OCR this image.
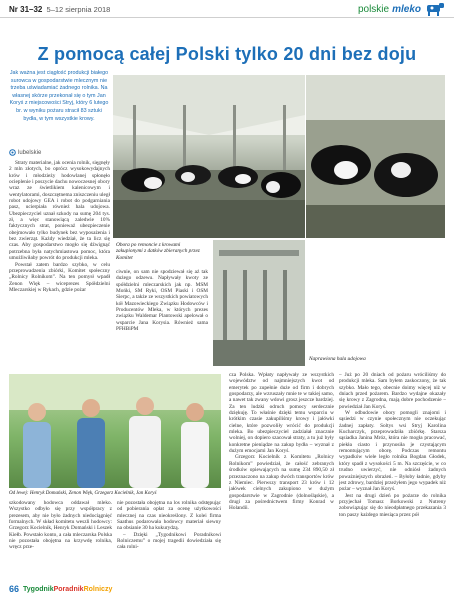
Nr 31–32 5–12 sierpnia 2018	polskie mleko
Z pomocą całej Polski tylko 20 dni bez doju
Jak ważna jest ciągłość produkcji białego surowca w gospodarstwie mlecznym nie trzeba uświadamiać żadnego rolnika. Na własnej skórze przekonał się o tym Jan Koryś z miejscowości Stryj, który 6 lutego br. w wyniku pożaru stracił 83 sztuki bydła, w tym wszystkie krowy.
lubelskie

Straty materialne, jak ocenia rolnik, sięgnęły 2 mln złotych, bo oprócz wysokowydajnych krów i młodzieży hodowlanej spłonęło ocieplenie i poszycie dachu nowoczesnej obory wraz ze świetlikiem kalenicowym i wentylatorami, doszczętnema zniszczeniu uległ robot udojowy GEA i robot do podgarniania pasz, ucierpiała również hala udojowa. Ubezpieczyciel uznał szkody na sumę 204 tys. zł, a więc stanowiącą zaledwie 10% faktycznych strat, ponieważ ubezpieczenie obejmowało tylko budynek bez wyposażenia i bez zwierząt. Każdy wiedział, że ta licz się czas. Aby gospodarstwo mogło się dźwignąć potrzebna była natychmiastowa pomoc, która umożliwiłaby powrót do produkcji mleka.

Powstał zatem bardzo szybko, w celu przeprowadzenia zbiórki, Komitet społeczny „Rolnicy Rolnikom”. Na ten pomysł wpadł Zenon Więk – wiceprezes Spółdzielni Mleczarskiej w Rykach, gdzie pożar

Obora po remoncie z krowami zakupionymi z datków zbieranych przez Komitet

ciwnie, on sam nie spodziewał się aż tak dużego odzewu. Napływały kwoty ze spółdzielni mleczarskich jak np. MSM Mońki, SM Ryki, OSM Piaski i OSM Sierpc, a także ze wszystkich powiatowych kół Mazowieckiego Związku Hodowców i Producentów Mleka, w których prezes związku Waldemar Plantowski apelował o wsparcie Jana Korysia. Również sama PFHBiPM

Naprawiona hala udojowa
Od lewej: Henryk Domański, Zenon Więk, Grzegorz Kocielnik, Jan Koryś

szkodowany hodowca oddawał mleko. Wszystko odbyło się przy współpracy z prezesem, aby nie było żadnych niedociągnięć formalnych. W skład komitetu weszli hodowcy: Grzegorz Kocielnik, Henryk Domański i Leszek Kiełb. Powstało konto, a cała mleczarska Polska nie pozostała obojętna na krzywdę rolnika, wręcz prze-

nie pozostała obojętna na los rolnika odstępując od pobierania opłat za ocenę użytkowości mlecznej na czas nieokreślony. Z kolei firma Saathus podarowała hodowcy materiał siewny na obsianie 30 ha kukurydzą.

– Dzięki „Tygodnikowi Poradnikowi Rolniczemu” o mojej tragedii dowiedziała się cała rolni-

cza Polska. Wpłaty napływały ze wszystkich województw od najmniejszych kwot od emerytek po zupełnie duże od firm i dobrych gospodarzy, ale wzruszały mnie te w takiej samo, a nawet tak zwany wdowi grosz jeszcze bardziej. Za ten ludzki odruch pomocy serdecznie dziękuję. To właśnie dzięki temu wsparciu w krótkim czasie zakupiliśmy krowy i jałówki cielne, które pozwoliły wrócić do produkcji mleka. Bo ubezpieczyciel zadziałał znacznie wolniej, on dopiero szacował straty, a tu już były konkretne pieniądze na zakup bydła – wyznał z dużym emocjami Jan Koryś.

Grzegorz Kocielnik z Komitetu „Rolnicy Rolnikom” powiedział, że całość zebranych środków opiewających na sumę 234 890,50 zł przeznaczono na zakup dwóch transportów krów z Niemiec. Pierwszy transport 23 krów i 12 jałówek cielnych zakupiono w dużym gospodarstwie w Zagrodnie (dolnośląskie), a drugi za pośrednictwem firmy Konrad w Holandii.

– Już po 20 dniach od pożaru wróciliśmy do produkcji mleka. Sam byłem zaskoczony, że tak szybko. Mało tego, obecnie doimy więcej niż w dniach przed pożarem. Bardzo wydajne okazały się krowy z Zagrodna, mają dobre pochodzenie – powiedział Jan Koryś.

W odbudowie obory pomogli znajomi i sąsiedzi w czynie społecznym nie oczekując żadnej zapłaty. Soltys wsi Stryj Karolina Kucharczyk, przeprowadziła zbiórkę. Starsza sąsiadka Janina Mróz, która nie mogła pracować, piekła ciasto i przynosiła je czystającym remontującym oborę. Podczas remontu wypadków wiele legło rolnika Bogdan Głodek, który spadł z wysokości 5 m. Na szczęście, w co trudno uwierzyć, nie odniósł żadnych poważniejszych obrażeń. – Byłoby ładnie, gdyby jest zdrowy, bardziej przeżyłem jego wypadek niż pożar – wyznał Jan Koryś.

Jest na drugi dzień po pożarze do rolnika przyjechał Tomasz Borkowski z Nutreny zobowiązując się do nieodpłatnego przekazania 3 ton paszy każdego miesiąca przez pół

66 TygodnikPoradnikRolniczy
